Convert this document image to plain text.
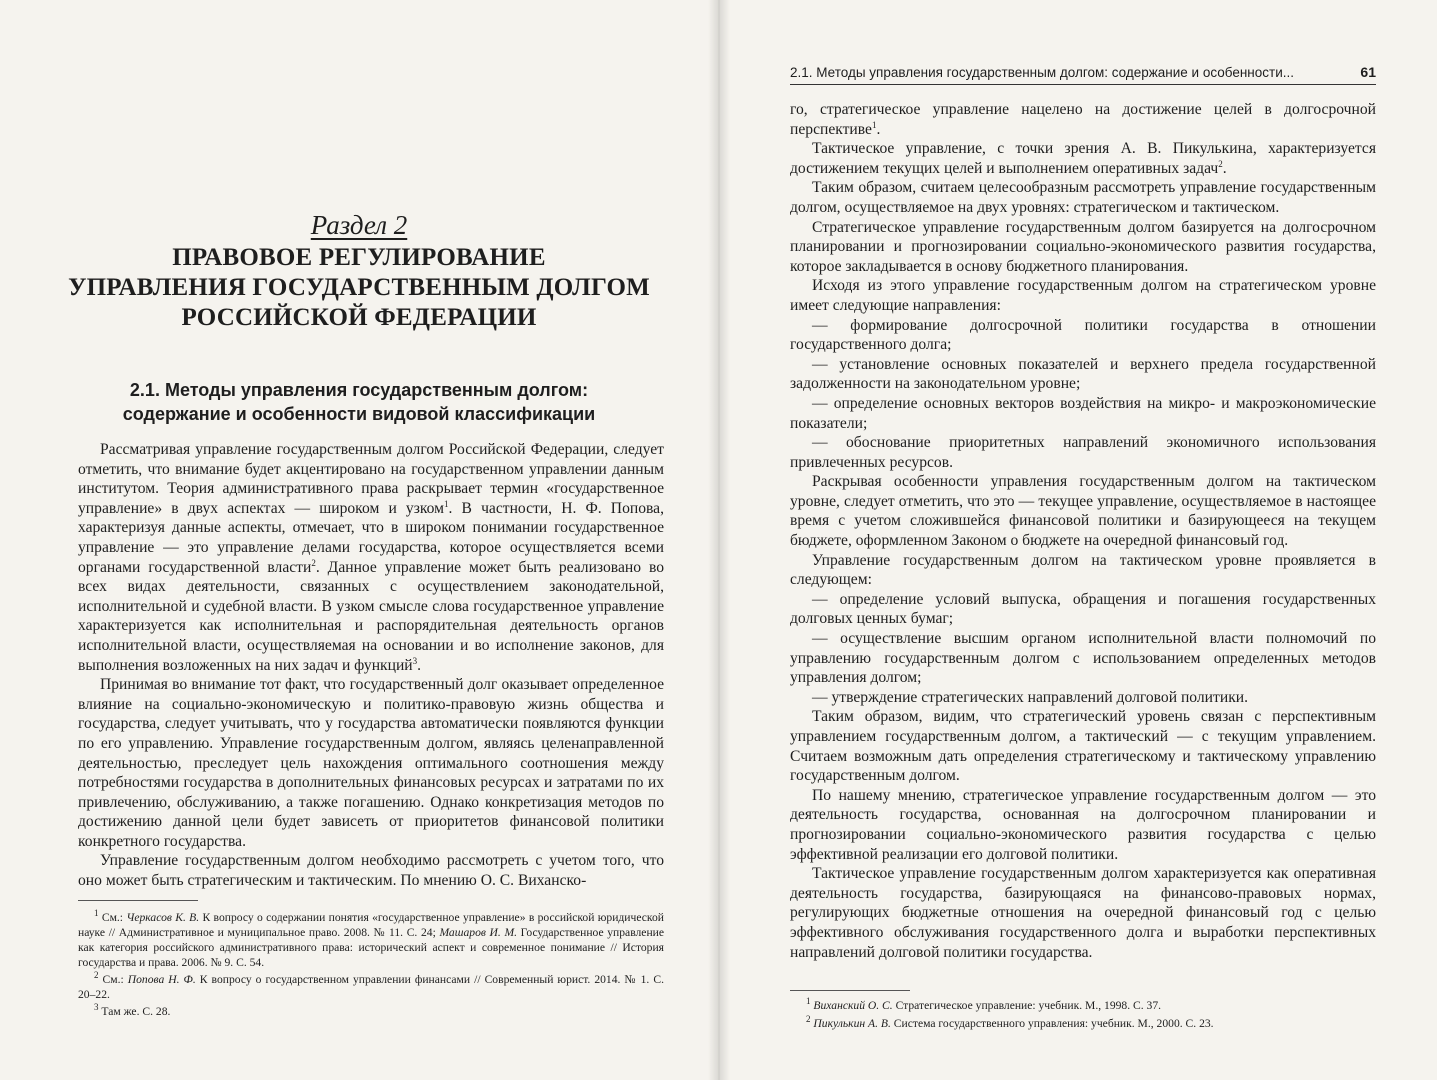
Раздел 2
ПРАВОВОЕ РЕГУЛИРОВАНИЕ
УПРАВЛЕНИЯ ГОСУДАРСТВЕННЫМ ДОЛГОМ
РОССИЙСКОЙ ФЕДЕРАЦИИ
2.1. Методы управления государственным долгом:
содержание и особенности видовой классификации

Рассматривая управление государственным долгом Российской Федерации, следует отметить, что внимание будет акцентировано на государственном управлении данным институтом. Теория административного права раскрывает термин «государственное управление» в двух аспектах — широком и узком$^1$. В частности, Н. Ф. Попова, характеризуя данные аспекты, отмечает, что в широком понимании государственное управление — это управление делами государства, которое осуществляется всеми органами государственной власти$^2$. Данное управление может быть реализовано во всех видах деятельности, связанных с осуществлением законодательной, исполнительной и судебной власти. В узком смысле слова государственное управление характеризуется как исполнительная и распорядительная деятельность органов исполнительной власти, осуществляемая на основании и во исполнение законов, для выполнения возложенных на них задач и функций$^3$.

Принимая во внимание тот факт, что государственный долг оказывает определенное влияние на социально-экономическую и политико-правовую жизнь общества и государства, следует учитывать, что у государства автоматически появляются функции по его управлению. Управление государственным долгом, являясь целенаправленной деятельностью, преследует цель нахождения оптимального соотношения между потребностями государства в дополнительных финансовых ресурсах и затратами по их привлечению, обслуживанию, а также погашению. Однако конкретизация методов по достижению данной цели будет зависеть от приоритетов финансовой политики конкретного государства.

Управление государственным долгом необходимо рассмотреть с учетом того, что оно может быть стратегическим и тактическим. По мнению О. С. Виханско-

$^1$ См.: Черкасов К. В. К вопросу о содержании понятия «государственное управление» в российской юридической науке // Административное и муниципальное право. 2008. № 11. С. 24; Машаров И. М. Государственное управление как категория российского административного права: исторический аспект и современное понимание // История государства и права. 2006. № 9. С. 54.

$^2$ См.: Попова Н. Ф. К вопросу о государственном управлении финансами // Современный юрист. 2014. № 1. С. 20–22.

$^3$ Там же. С. 28.

2.1. Методы управления государственным долгом: содержание и особенности...	61

го, стратегическое управление нацелено на достижение целей в долгосрочной перспективе$^1$.

Тактическое управление, с точки зрения А. В. Пикулькина, характеризуется достижением текущих целей и выполнением оперативных задач$^2$.

Таким образом, считаем целесообразным рассмотреть управление государственным долгом, осуществляемое на двух уровнях: стратегическом и тактическом.

Стратегическое управление государственным долгом базируется на долгосрочном планировании и прогнозировании социально-экономического развития государства, которое закладывается в основу бюджетного планирования.

Исходя из этого управление государственным долгом на стратегическом уровне имеет следующие направления:

— формирование долгосрочной политики государства в отношении государственного долга;

— установление основных показателей и верхнего предела государственной задолженности на законодательном уровне;

— определение основных векторов воздействия на микро- и макроэкономические показатели;

— обоснование приоритетных направлений экономичного использования привлеченных ресурсов.

Раскрывая особенности управления государственным долгом на тактическом уровне, следует отметить, что это — текущее управление, осуществляемое в настоящее время с учетом сложившейся финансовой политики и базирующееся на текущем бюджете, оформленном Законом о бюджете на очередной финансовый год.

Управление государственным долгом на тактическом уровне проявляется в следующем:

— определение условий выпуска, обращения и погашения государственных долговых ценных бумаг;

— осуществление высшим органом исполнительной власти полномочий по управлению государственным долгом с использованием определенных методов управления долгом;

— утверждение стратегических направлений долговой политики.

Таким образом, видим, что стратегический уровень связан с перспективным управлением государственным долгом, а тактический — с текущим управлением. Считаем возможным дать определения стратегическому и тактическому управлению государственным долгом.

По нашему мнению, стратегическое управление государственным долгом — это деятельность государства, основанная на долгосрочном планировании и прогнозировании социально-экономического развития государства с целью эффективной реализации его долговой политики.

Тактическое управление государственным долгом характеризуется как оперативная деятельность государства, базирующаяся на финансово-правовых нормах, регулирующих бюджетные отношения на очередной финансовый год с целью эффективного обслуживания государственного долга и выработки перспективных направлений долговой политики государства.

$^1$ Виханский О. С. Стратегическое управление: учебник. М., 1998. С. 37.

$^2$ Пикулькин А. В. Система государственного управления: учебник. М., 2000. С. 23.
